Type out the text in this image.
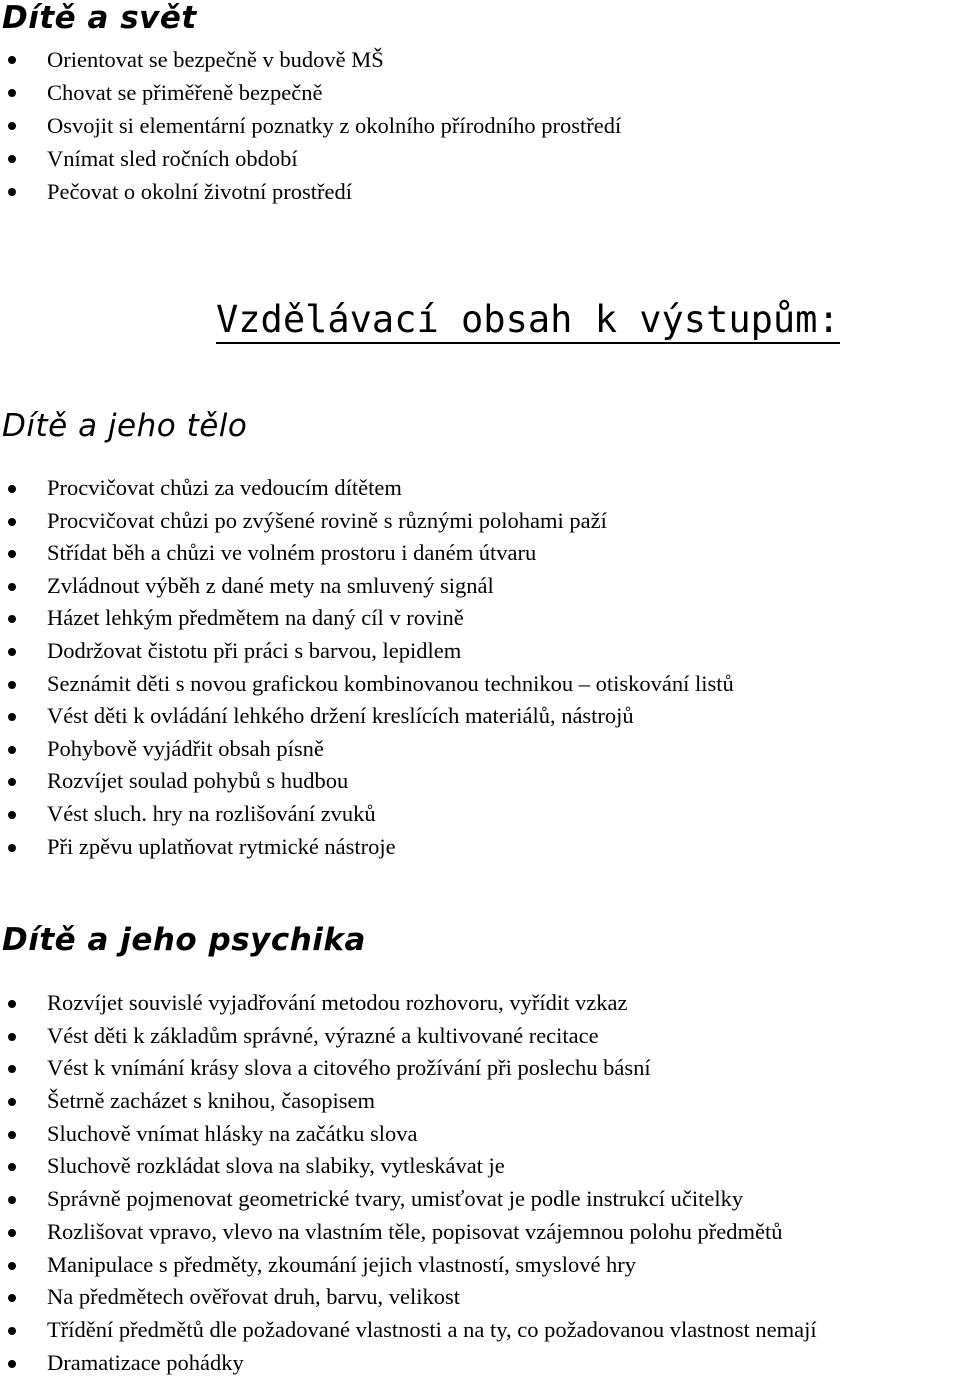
Dítě a svět
Orientovat se bezpečně v budově MŠ
Chovat se přiměřeně bezpečně
Osvojit si elementární poznatky z okolního přírodního prostředí
Vnímat sled ročních období
Pečovat o okolní životní prostředí
Vzdělávací obsah k výstupům:
Dítě a jeho tělo
Procvičovat chůzi za vedoucím dítětem
Procvičovat chůzi po zvýšené rovině s různými polohami paží
Střídat běh a chůzi ve volném prostoru i daném útvaru
Zvládnout výběh z dané mety na smluvený signál
Házet lehkým předmětem na daný cíl v rovině
Dodržovat čistotu při práci s barvou, lepidlem
Seznámit děti s novou grafickou kombinovanou technikou – otiskování listů
Vést děti k ovládání lehkého držení kreslících materiálů, nástrojů
Pohybově vyjádřit obsah písně
Rozvíjet soulad pohybů s hudbou
Vést sluch. hry na rozlišování zvuků
Při zpěvu uplatňovat rytmické nástroje
Dítě a jeho psychika
Rozvíjet souvislé vyjadřování metodou rozhovoru, vyřídit vzkaz
Vést děti k základům správné, výrazné a kultivované recitace
Vést k vnímání krásy slova a citového prožívání při poslechu básní
Šetrně zacházet s knihou, časopisem
Sluchově vnímat hlásky na začátku slova
Sluchově rozkládat slova na slabiky, vytleskávat je
Správně pojmenovat geometrické tvary, umisťovat je podle instrukcí učitelky
Rozlišovat vpravo, vlevo na vlastním těle, popisovat vzájemnou polohu předmětů
Manipulace s předměty, zkoumání jejich vlastností, smyslové hry
Na předmětech ověřovat druh, barvu, velikost
Třídění předmětů dle požadované vlastnosti a na ty, co požadovanou vlastnost nemají
Dramatizace pohádky
